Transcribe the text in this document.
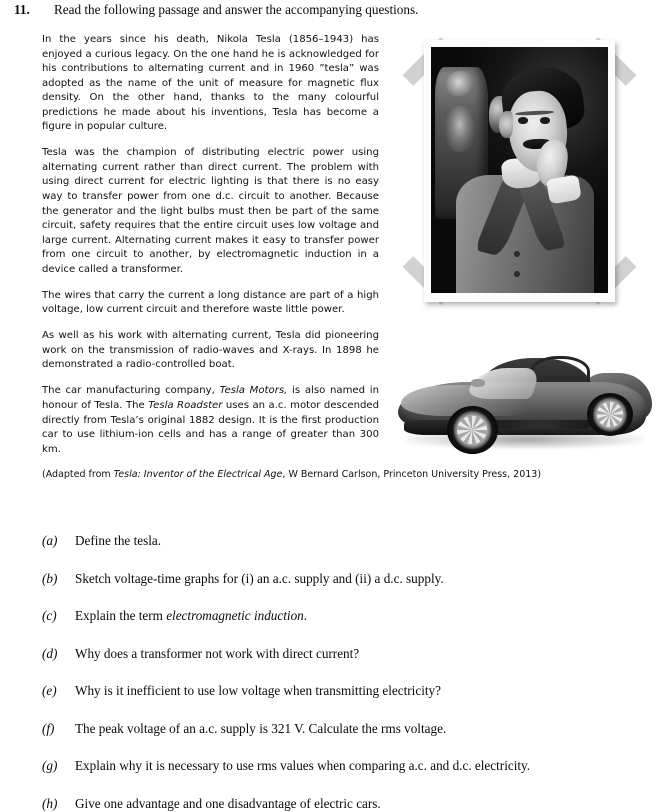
11.	Read the following passage and answer the accompanying questions.

In the years since his death, Nikola Tesla (1856–1943) has enjoyed a curious legacy. On the one hand he is acknowledged for his contributions to alternating current and in 1960 ”tesla” was adopted as the name of the unit of measure for magnetic flux density. On the other hand, thanks to the many colourful predictions he made about his inventions, Tesla has become a figure in popular culture.

Tesla was the champion of distributing electric power using alternating current rather than direct current. The problem with using direct current for electric lighting is that there is no easy way to transfer power from one d.c. circuit to another. Because the generator and the light bulbs must then be part of the same circuit, safety requires that the entire circuit uses low voltage and large current. Alternating current makes it easy to transfer power from one circuit to another, by electromagnetic induction in a device called a transformer.

The wires that carry the current a long distance are part of a high voltage, low current circuit and therefore waste little power.

As well as his work with alternating current, Tesla did pioneering work on the transmission of radio-waves and X-rays. In 1898 he demonstrated a radio-controlled boat.

The car manufacturing company, Tesla Motors, is also named in honour of Tesla. The Tesla Roadster uses an a.c. motor descended directly from Tesla’s original 1882 design. It is the first production car to use lithium-ion cells and has a range of greater than 300 km.

(Adapted from Tesla: Inventor of the Electrical Age, W Bernard Carlson, Princeton University Press, 2013)
(a)	Define the tesla.
(b)	Sketch voltage-time graphs for (i) an a.c. supply and (ii) a d.c. supply.
(c)	Explain the term electromagnetic induction.
(d)	Why does a transformer not work with direct current?
(e)	Why is it inefficient to use low voltage when transmitting electricity?
(f)	The peak voltage of an a.c. supply is 321 V. Calculate the rms voltage.
(g)	Explain why it is necessary to use rms values when comparing a.c. and d.c. electricity.
(h)	Give one advantage and one disadvantage of electric cars.
